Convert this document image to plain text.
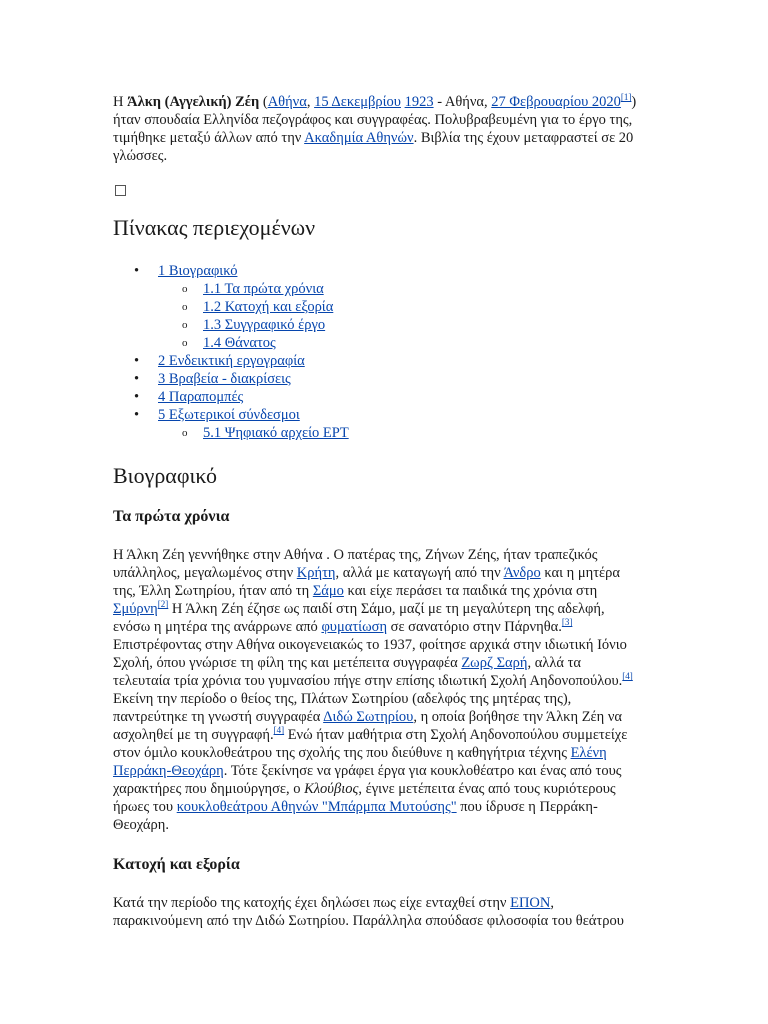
Η Άλκη (Αγγελική) Ζέη (Αθήνα, 15 Δεκεμβρίου 1923 - Αθήνα, 27 Φεβρουαρίου 2020[1]) ήταν σπουδαία Ελληνίδα πεζογράφος και συγγραφέας. Πολυβραβευμένη για το έργο της, τιμήθηκε μεταξύ άλλων από την Ακαδημία Αθηνών. Βιβλία της έχουν μεταφραστεί σε 20 γλώσσες.

Πίνακας περιεχομένων
• 1 Βιογραφικό
o 1.1 Τα πρώτα χρόνια
o 1.2 Κατοχή και εξορία
o 1.3 Συγγραφικό έργο
o 1.4 Θάνατος
• 2 Ενδεικτική εργογραφία
• 3 Βραβεία - διακρίσεις
• 4 Παραπομπές
• 5 Εξωτερικοί σύνδεσμοι
o 5.1 Ψηφιακό αρχείο ΕΡΤ
Βιογραφικό
Τα πρώτα χρόνια

Η Άλκη Ζέη γεννήθηκε στην Αθήνα . Ο πατέρας της, Ζήνων Ζέης, ήταν τραπεζικός υπάλληλος, μεγαλωμένος στην Κρήτη, αλλά με καταγωγή από την Άνδρο και η μητέρα της, Έλλη Σωτηρίου, ήταν από τη Σάμο και είχε περάσει τα παιδικά της χρόνια στη Σμύρνη[2] Η Άλκη Ζέη έζησε ως παιδί στη Σάμο, μαζί με τη μεγαλύτερη της αδελφή, ενόσω η μητέρα της ανάρρωνε από φυματίωση σε σανατόριο στην Πάρνηθα.[3] Επιστρέφοντας στην Αθήνα οικογενειακώς το 1937, φοίτησε αρχικά στην ιδιωτική Ιόνιο Σχολή, όπου γνώρισε τη φίλη της και μετέπειτα συγγραφέα Ζωρζ Σαρή, αλλά τα τελευταία τρία χρόνια του γυμνασίου πήγε στην επίσης ιδιωτική Σχολή Αηδονοπούλου.[4] Εκείνη την περίοδο ο θείος της, Πλάτων Σωτηρίου (αδελφός της μητέρας της), παντρεύτηκε τη γνωστή συγγραφέα Διδώ Σωτηρίου, η οποία βοήθησε την Άλκη Ζέη να ασχοληθεί με τη συγγραφή.[4] Ενώ ήταν μαθήτρια στη Σχολή Αηδονοπούλου συμμετείχε στον όμιλο κουκλοθεάτρου της σχολής της που διεύθυνε η καθηγήτρια τέχνης Ελένη Περράκη-Θεοχάρη. Τότε ξεκίνησε να γράφει έργα για κουκλοθέατρο και ένας από τους χαρακτήρες που δημιούργησε, ο Κλούβιος, έγινε μετέπειτα ένας από τους κυριότερους ήρωες του κουκλοθεάτρου Αθηνών "Μπάρμπα Μυτούσης" που ίδρυσε η Περράκη-Θεοχάρη.

Κατοχή και εξορία

Κατά την περίοδο της κατοχής έχει δηλώσει πως είχε ενταχθεί στην ΕΠΟΝ, παρακινούμενη από την Διδώ Σωτηρίου. Παράλληλα σπούδασε φιλοσοφία του θεάτρου
